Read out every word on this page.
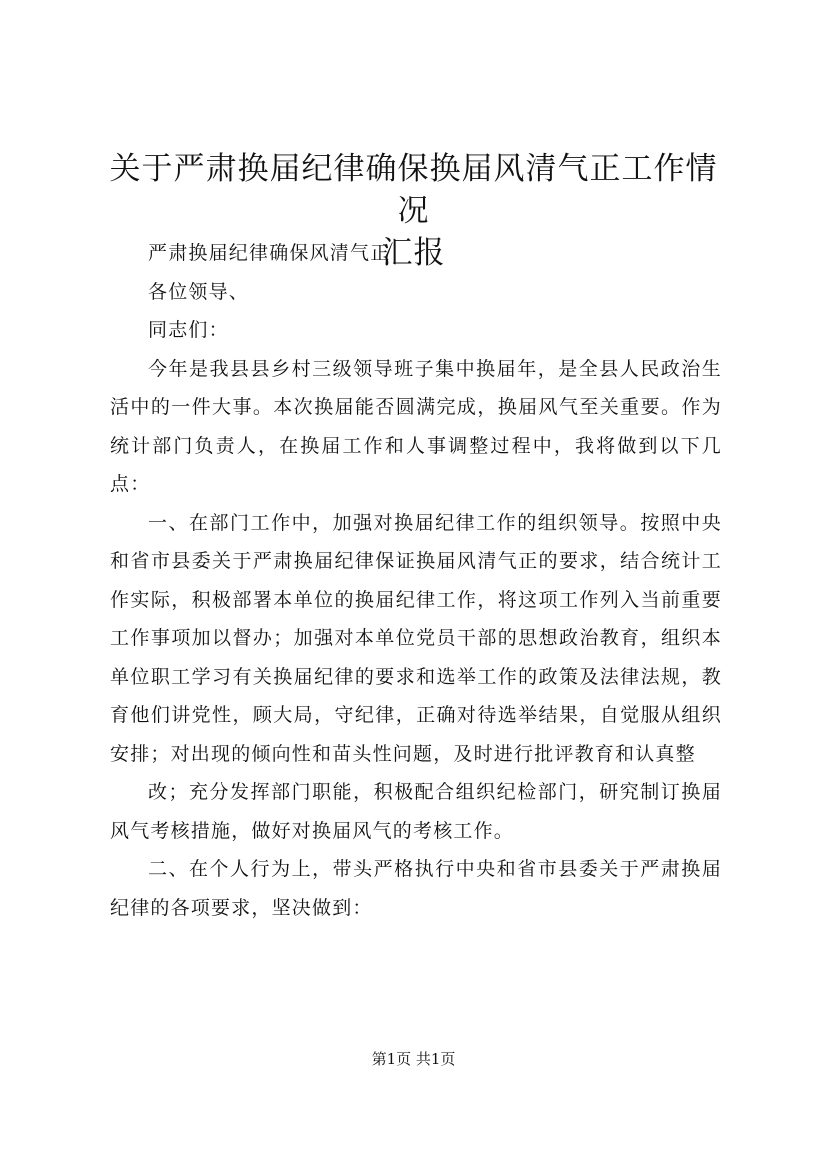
关于严肃换届纪律确保换届风清气正工作情况
汇报

严肃换届纪律确保风清气正

各位领导、

同志们：

今年是我县县乡村三级领导班子集中换届年，是全县人民政治生活中的一件大事。本次换届能否圆满完成，换届风气至关重要。作为统计部门负责人，在换届工作和人事调整过程中，我将做到以下几点：

一、在部门工作中，加强对换届纪律工作的组织领导。按照中央和省市县委关于严肃换届纪律保证换届风清气正的要求，结合统计工作实际，积极部署本单位的换届纪律工作，将这项工作列入当前重要工作事项加以督办；加强对本单位党员干部的思想政治教育，组织本单位职工学习有关换届纪律的要求和选举工作的政策及法律法规，教育他们讲党性，顾大局，守纪律，正确对待选举结果，自觉服从组织安排；对出现的倾向性和苗头性问题，及时进行批评教育和认真整

改；充分发挥部门职能，积极配合组织纪检部门，研究制订换届风气考核措施，做好对换届风气的考核工作。

二、在个人行为上，带头严格执行中央和省市县委关于严肃换届纪律的各项要求，坚决做到：

第1页 共1页
